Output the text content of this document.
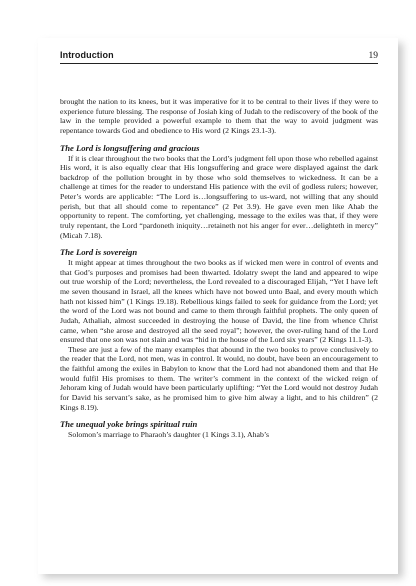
Introduction	19

brought the nation to its knees, but it was imperative for it to be central to their lives if they were to experience future blessing. The response of Josiah king of Judah to the rediscovery of the book of the law in the temple provided a powerful example to them that the way to avoid judgment was repentance towards God and obedience to His word (2 Kings 23.1-3).

The Lord is longsuffering and gracious

If it is clear throughout the two books that the Lord’s judgment fell upon those who rebelled against His word, it is also equally clear that His longsuffering and grace were displayed against the dark backdrop of the pollution brought in by those who sold themselves to wickedness. It can be a challenge at times for the reader to understand His patience with the evil of godless rulers; however, Peter’s words are applicable: “The Lord is…longsuffering to us-ward, not willing that any should perish, but that all should come to repentance” (2 Pet 3.9). He gave even men like Ahab the opportunity to repent. The comforting, yet challenging, message to the exiles was that, if they were truly repentant, the Lord “pardoneth iniquity…retaineth not his anger for ever…delighteth in mercy” (Micah 7.18).

The Lord is sovereign

It might appear at times throughout the two books as if wicked men were in control of events and that God’s purposes and promises had been thwarted. Idolatry swept the land and appeared to wipe out true worship of the Lord; nevertheless, the Lord revealed to a discouraged Elijah, “Yet I have left me seven thousand in Israel, all the knees which have not bowed unto Baal, and every mouth which hath not kissed him” (1 Kings 19.18). Rebellious kings failed to seek for guidance from the Lord; yet the word of the Lord was not bound and came to them through faithful prophets. The only queen of Judah, Athaliah, almost succeeded in destroying the house of David, the line from whence Christ came, when “she arose and destroyed all the seed royal”; however, the over-ruling hand of the Lord ensured that one son was not slain and was “hid in the house of the Lord six years” (2 Kings 11.1-3).

These are just a few of the many examples that abound in the two books to prove conclusively to the reader that the Lord, not men, was in control. It would, no doubt, have been an encouragement to the faithful among the exiles in Babylon to know that the Lord had not abandoned them and that He would fulfil His promises to them. The writer’s comment in the context of the wicked reign of Jehoram king of Judah would have been particularly uplifting: “Yet the Lord would not destroy Judah for David his servant’s sake, as he promised him to give him alway a light, and to his children” (2 Kings 8.19).

The unequal yoke brings spiritual ruin

Solomon’s marriage to Pharaoh’s daughter (1 Kings 3.1), Ahab’s
